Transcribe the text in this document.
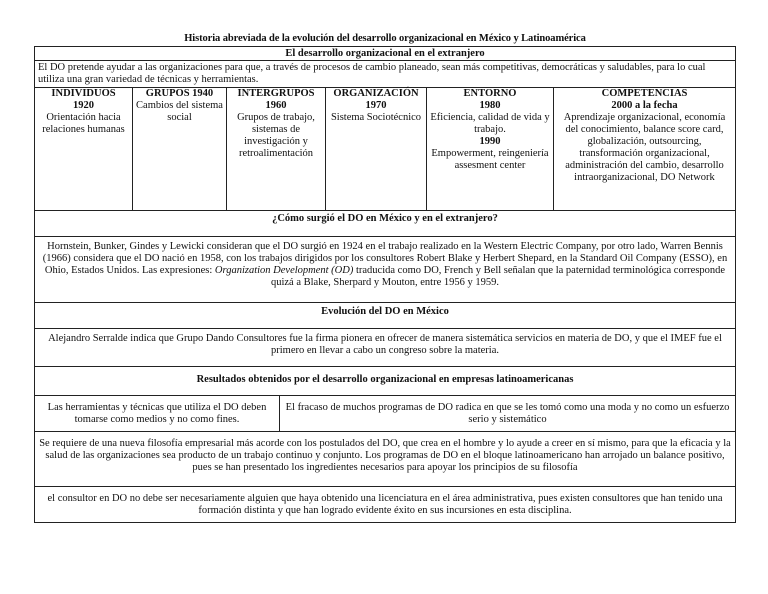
Historia abreviada de la evolución del desarrollo organizacional en México y Latinoamérica
El desarrollo organizacional en el extranjero
El DO pretende ayudar a las organizaciones para que, a través de procesos de cambio planeado, sean más competitivas, democráticas y saludables, para lo cual utiliza una gran variedad de técnicas y herramientas.
INDIVIDUOS
1920
Orientación hacia relaciones humanas
GRUPOS 1940
Cambios del sistema social
INTERGRUPOS
1960
Grupos de trabajo, sistemas de investigación y retroalimentación
ORGANIZACIÓN
1970
Sistema Sociotécnico
ENTORNO
1980
Eficiencia, calidad de vida y trabajo.
1990
Empowerment, reingeniería assesment center
COMPETENCIAS
2000 a la fecha
Aprendizaje organizacional, economía del conocimiento, balance score card, globalización, outsourcing, transformación organizacional, administración del cambio, desarrollo intraorganizacional, DO Network
¿Cómo surgió el DO en México y en el extranjero?
Hornstein, Bunker, Gindes y Lewicki consideran que el DO surgió en 1924 en el trabajo realizado en la Western Electric Company, por otro lado, Warren Bennis (1966) considera que el DO nació en 1958, con los trabajos dirigidos por los consultores Robert Blake y Herbert Shepard, en la Standard Oil Company (ESSO), en Ohio, Estados Unidos. Las expresiones: Organization Development (OD) traducida como DO, French y Bell señalan que la paternidad terminológica corresponde quizá a Blake, Sherpard y Mouton, entre 1956 y 1959.
Evolución del DO en México
Alejandro Serralde indica que Grupo Dando Consultores fue la firma pionera en ofrecer de manera sistemática servicios en materia de DO, y que el IMEF fue el primero en llevar a cabo un congreso sobre la materia.
Resultados obtenidos por el desarrollo organizacional en empresas latinoamericanas
Las herramientas y técnicas que utiliza el DO deben tomarse como medios y no como fines.
El fracaso de muchos programas de DO radica en que se les tomó como una moda y no como un esfuerzo serio y sistemático
Se requiere de una nueva filosofía empresarial más acorde con los postulados del DO, que crea en el hombre y lo ayude a creer en sí mismo, para que la eficacia y la salud de las organizaciones sea producto de un trabajo continuo y conjunto. Los programas de DO en el bloque latinoamericano han arrojado un balance positivo, pues se han presentado los ingredientes necesarios para apoyar los principios de su filosofía
el consultor en DO no debe ser necesariamente alguien que haya obtenido una licenciatura en el área administrativa, pues existen consultores que han tenido una formación distinta y que han logrado evidente éxito en sus incursiones en esta disciplina.
